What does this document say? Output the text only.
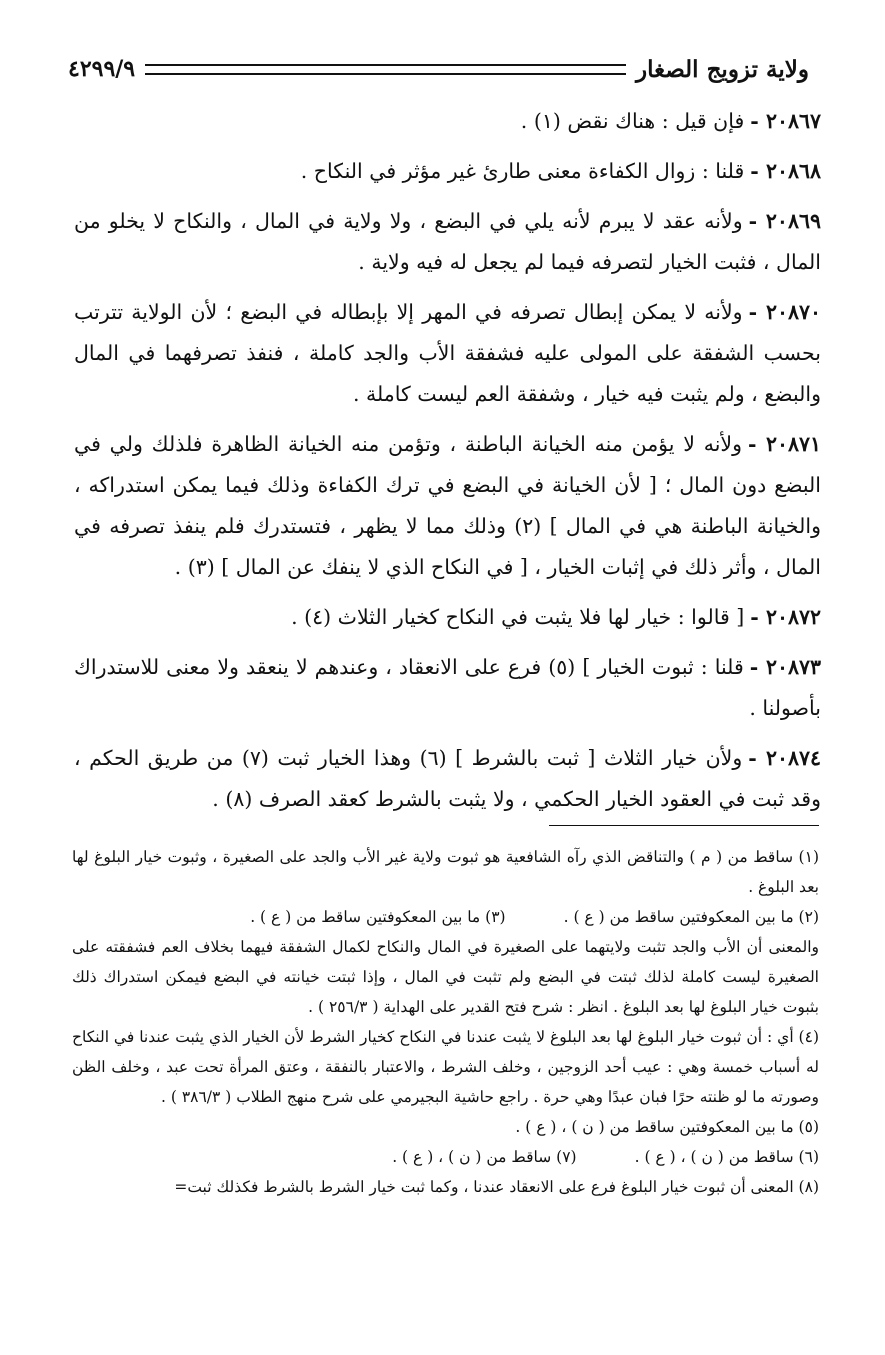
ولاية تزويج الصغار
٤٢٩٩/٩

٢٠٨٦٧ -فإن قيل : هناك نقض (١) .

٢٠٨٦٨ -قلنا : زوال الكفاءة معنى طارئ غير مؤثر في النكاح .

٢٠٨٦٩ -ولأنه عقد لا يبرم لأنه يلي في البضع ، ولا ولاية في المال ، والنكاح لا يخلو من المال ، فثبت الخيار لتصرفه فيما لم يجعل له فيه ولاية .

٢٠٨٧٠ -ولأنه لا يمكن إبطال تصرفه في المهر إلا بإبطاله في البضع ؛ لأن الولاية تترتب بحسب الشفقة على المولى عليه فشفقة الأب والجد كاملة ، فنفذ تصرفهما في المال والبضع ، ولم يثبت فيه خيار ، وشفقة العم ليست كاملة .

٢٠٨٧١ -ولأنه لا يؤمن منه الخيانة الباطنة ، وتؤمن منه الخيانة الظاهرة فلذلك ولي في البضع دون المال ؛ [ لأن الخيانة في البضع في ترك الكفاءة وذلك فيما يمكن استدراكه ، والخيانة الباطنة هي في المال ] (٢) وذلك مما لا يظهر ، فتستدرك فلم ينفذ تصرفه في المال ، وأثر ذلك في إثبات الخيار ، [ في النكاح الذي لا ينفك عن المال ] (٣) .

٢٠٨٧٢ -[ قالوا : خيار لها فلا يثبت في النكاح كخيار الثلاث (٤) .

٢٠٨٧٣ -قلنا : ثبوت الخيار ] (٥) فرع على الانعقاد ، وعندهم لا ينعقد ولا معنى للاستدراك بأصولنا .

٢٠٨٧٤ -ولأن خيار الثلاث [ ثبت بالشرط ] (٦) وهذا الخيار ثبت (٧) من طريق الحكم ، وقد ثبت في العقود الخيار الحكمي ، ولا يثبت بالشرط كعقد الصرف (٨) .

(١) ساقط من ( م ) والتناقض الذي رآه الشافعية هو ثبوت ولاية غير الأب والجد على الصغيرة ، وثبوت خيار البلوغ لها بعد البلوغ .

(٢) ما بين المعكوفتين ساقط من ( ع ) .
(٣) ما بين المعكوفتين ساقط من ( ع ) .

والمعنى أن الأب والجد تثبت ولايتهما على الصغيرة في المال والنكاح لكمال الشفقة فيهما بخلاف العم فشفقته على الصغيرة ليست كاملة لذلك ثبتت في البضع ولم تثبت في المال ، وإذا ثبتت خيانته في البضع فيمكن استدراك ذلك بثبوت خيار البلوغ لها بعد البلوغ . انظر : شرح فتح القدير على الهداية ( ٢٥٦/٣ ) .

(٤) أي : أن ثبوت خيار البلوغ لها بعد البلوغ لا يثبت عندنا في النكاح كخيار الشرط لأن الخيار الذي يثبت عندنا في النكاح له أسباب خمسة وهي : عيب أحد الزوجين ، وخلف الشرط ، والاعتبار بالنفقة ، وعتق المرأة تحت عبد ، وخلف الظن وصورته ما لو ظنته حرًا فبان عبدًا وهي حرة . راجع حاشية البجيرمي على شرح منهج الطلاب ( ٣٨٦/٣ ) .

(٥) ما بين المعكوفتين ساقط من ( ن ) ، ( ع ) .
(٦) ساقط من ( ن ) ، ( ع ) .
(٧) ساقط من ( ن ) ، ( ع ) .

(٨) المعنى أن ثبوت خيار البلوغ فرع على الانعقاد عندنا ، وكما ثبت خيار الشرط بالشرط فكذلك ثبت=
